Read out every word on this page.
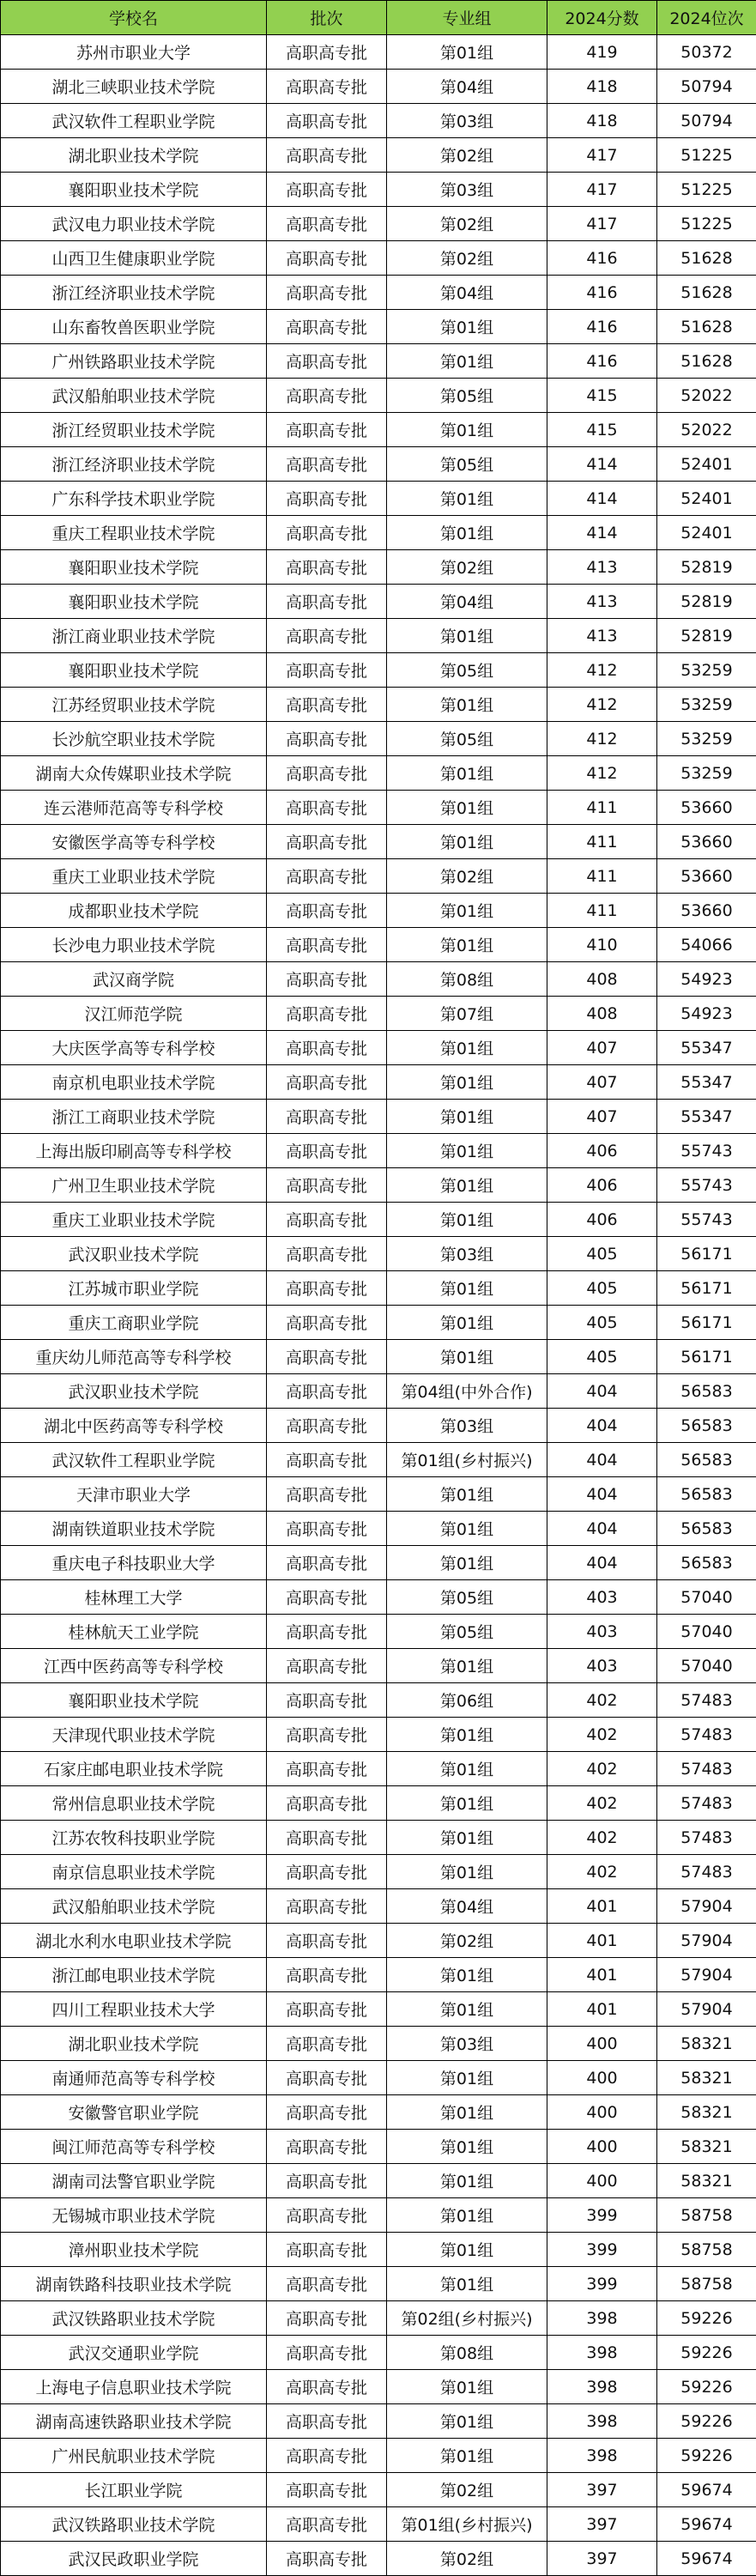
学校名	批次	专业组	2024分数	2024位次
苏州市职业大学	高职高专批	第01组	419	50372
湖北三峡职业技术学院	高职高专批	第04组	418	50794
武汉软件工程职业学院	高职高专批	第03组	418	50794
湖北职业技术学院	高职高专批	第02组	417	51225
襄阳职业技术学院	高职高专批	第03组	417	51225
武汉电力职业技术学院	高职高专批	第02组	417	51225
山西卫生健康职业学院	高职高专批	第02组	416	51628
浙江经济职业技术学院	高职高专批	第04组	416	51628
山东畜牧兽医职业学院	高职高专批	第01组	416	51628
广州铁路职业技术学院	高职高专批	第01组	416	51628
武汉船舶职业技术学院	高职高专批	第05组	415	52022
浙江经贸职业技术学院	高职高专批	第01组	415	52022
浙江经济职业技术学院	高职高专批	第05组	414	52401
广东科学技术职业学院	高职高专批	第01组	414	52401
重庆工程职业技术学院	高职高专批	第01组	414	52401
襄阳职业技术学院	高职高专批	第02组	413	52819
襄阳职业技术学院	高职高专批	第04组	413	52819
浙江商业职业技术学院	高职高专批	第01组	413	52819
襄阳职业技术学院	高职高专批	第05组	412	53259
江苏经贸职业技术学院	高职高专批	第01组	412	53259
长沙航空职业技术学院	高职高专批	第05组	412	53259
湖南大众传媒职业技术学院	高职高专批	第01组	412	53259
连云港师范高等专科学校	高职高专批	第01组	411	53660
安徽医学高等专科学校	高职高专批	第01组	411	53660
重庆工业职业技术学院	高职高专批	第02组	411	53660
成都职业技术学院	高职高专批	第01组	411	53660
长沙电力职业技术学院	高职高专批	第01组	410	54066
武汉商学院	高职高专批	第08组	408	54923
汉江师范学院	高职高专批	第07组	408	54923
大庆医学高等专科学校	高职高专批	第01组	407	55347
南京机电职业技术学院	高职高专批	第01组	407	55347
浙江工商职业技术学院	高职高专批	第01组	407	55347
上海出版印刷高等专科学校	高职高专批	第01组	406	55743
广州卫生职业技术学院	高职高专批	第01组	406	55743
重庆工业职业技术学院	高职高专批	第01组	406	55743
武汉职业技术学院	高职高专批	第03组	405	56171
江苏城市职业学院	高职高专批	第01组	405	56171
重庆工商职业学院	高职高专批	第01组	405	56171
重庆幼儿师范高等专科学校	高职高专批	第01组	405	56171
武汉职业技术学院	高职高专批	第04组(中外合作)	404	56583
湖北中医药高等专科学校	高职高专批	第03组	404	56583
武汉软件工程职业学院	高职高专批	第01组(乡村振兴)	404	56583
天津市职业大学	高职高专批	第01组	404	56583
湖南铁道职业技术学院	高职高专批	第01组	404	56583
重庆电子科技职业大学	高职高专批	第01组	404	56583
桂林理工大学	高职高专批	第05组	403	57040
桂林航天工业学院	高职高专批	第05组	403	57040
江西中医药高等专科学校	高职高专批	第01组	403	57040
襄阳职业技术学院	高职高专批	第06组	402	57483
天津现代职业技术学院	高职高专批	第01组	402	57483
石家庄邮电职业技术学院	高职高专批	第01组	402	57483
常州信息职业技术学院	高职高专批	第01组	402	57483
江苏农牧科技职业学院	高职高专批	第01组	402	57483
南京信息职业技术学院	高职高专批	第01组	402	57483
武汉船舶职业技术学院	高职高专批	第04组	401	57904
湖北水利水电职业技术学院	高职高专批	第02组	401	57904
浙江邮电职业技术学院	高职高专批	第01组	401	57904
四川工程职业技术大学	高职高专批	第01组	401	57904
湖北职业技术学院	高职高专批	第03组	400	58321
南通师范高等专科学校	高职高专批	第01组	400	58321
安徽警官职业学院	高职高专批	第01组	400	58321
闽江师范高等专科学校	高职高专批	第01组	400	58321
湖南司法警官职业学院	高职高专批	第01组	400	58321
无锡城市职业技术学院	高职高专批	第01组	399	58758
漳州职业技术学院	高职高专批	第01组	399	58758
湖南铁路科技职业技术学院	高职高专批	第01组	399	58758
武汉铁路职业技术学院	高职高专批	第02组(乡村振兴)	398	59226
武汉交通职业学院	高职高专批	第08组	398	59226
上海电子信息职业技术学院	高职高专批	第01组	398	59226
湖南高速铁路职业技术学院	高职高专批	第01组	398	59226
广州民航职业技术学院	高职高专批	第01组	398	59226
长江职业学院	高职高专批	第02组	397	59674
武汉铁路职业技术学院	高职高专批	第01组(乡村振兴)	397	59674
武汉民政职业学院	高职高专批	第02组	397	59674
